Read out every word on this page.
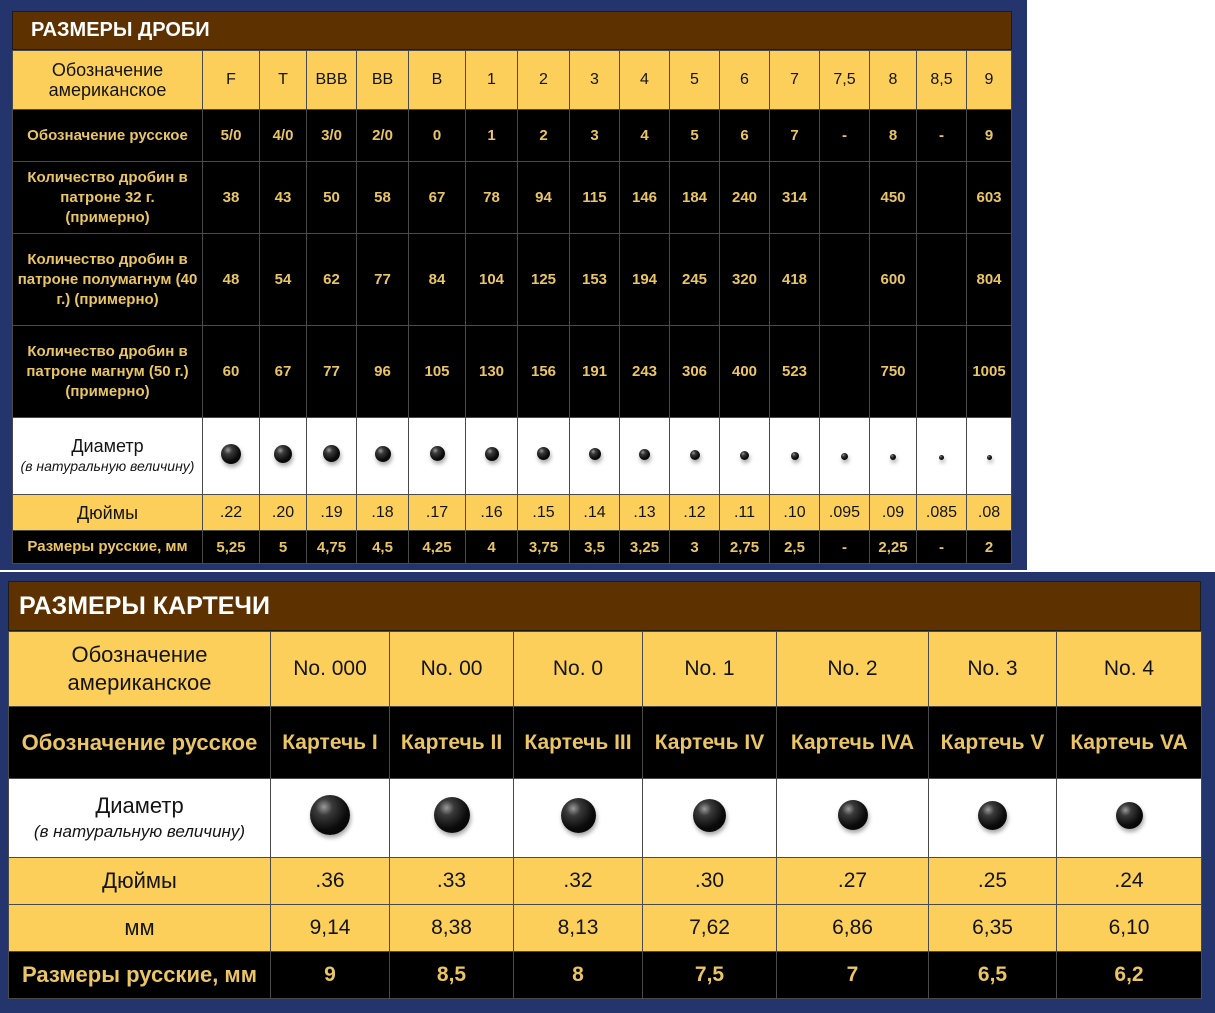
РАЗМЕРЫ ДРОБИ
Обозначение американское	F	T	BBB	BB	B	1	2	3	4	5	6	7	7,5	8	8,5	9
Обозначение русское	5/0	4/0	3/0	2/0	0	1	2	3	4	5	6	7	-	8	-	9
Количество дробин в патроне 32 г. (примерно)	38	43	50	58	67	78	94	115	146	184	240	314		450		603
Количество дробин в патроне полумагнум (40 г.) (примерно)	48	54	62	77	84	104	125	153	194	245	320	418		600		804
Количество дробин в патроне магнум (50 г.) (примерно)	60	67	77	96	105	130	156	191	243	306	400	523		750		1005
Диаметр
(в натуральную величину)																

Дюймы	.22	.20	.19	.18	.17	.16	.15	.14	.13	.12	.11	.10	.095	.09	.085	.08
Размеры русские, мм	5,25	5	4,75	4,5	4,25	4	3,75	3,5	3,25	3	2,75	2,5	-	2,25	-	2
РАЗМЕРЫ КАРТЕЧИ
Обозначение американское	No. 000	No. 00	No. 0	No. 1	No. 2	No. 3	No. 4
Обозначение русское	Картечь I	Картечь II	Картечь III	Картечь IV	Картечь IVA	Картечь V	Картечь VA
Диаметр
(в натуральную величину)							

Дюймы	.36	.33	.32	.30	.27	.25	.24
мм	9,14	8,38	8,13	7,62	6,86	6,35	6,10
Размеры русские, мм	9	8,5	8	7,5	7	6,5	6,2
